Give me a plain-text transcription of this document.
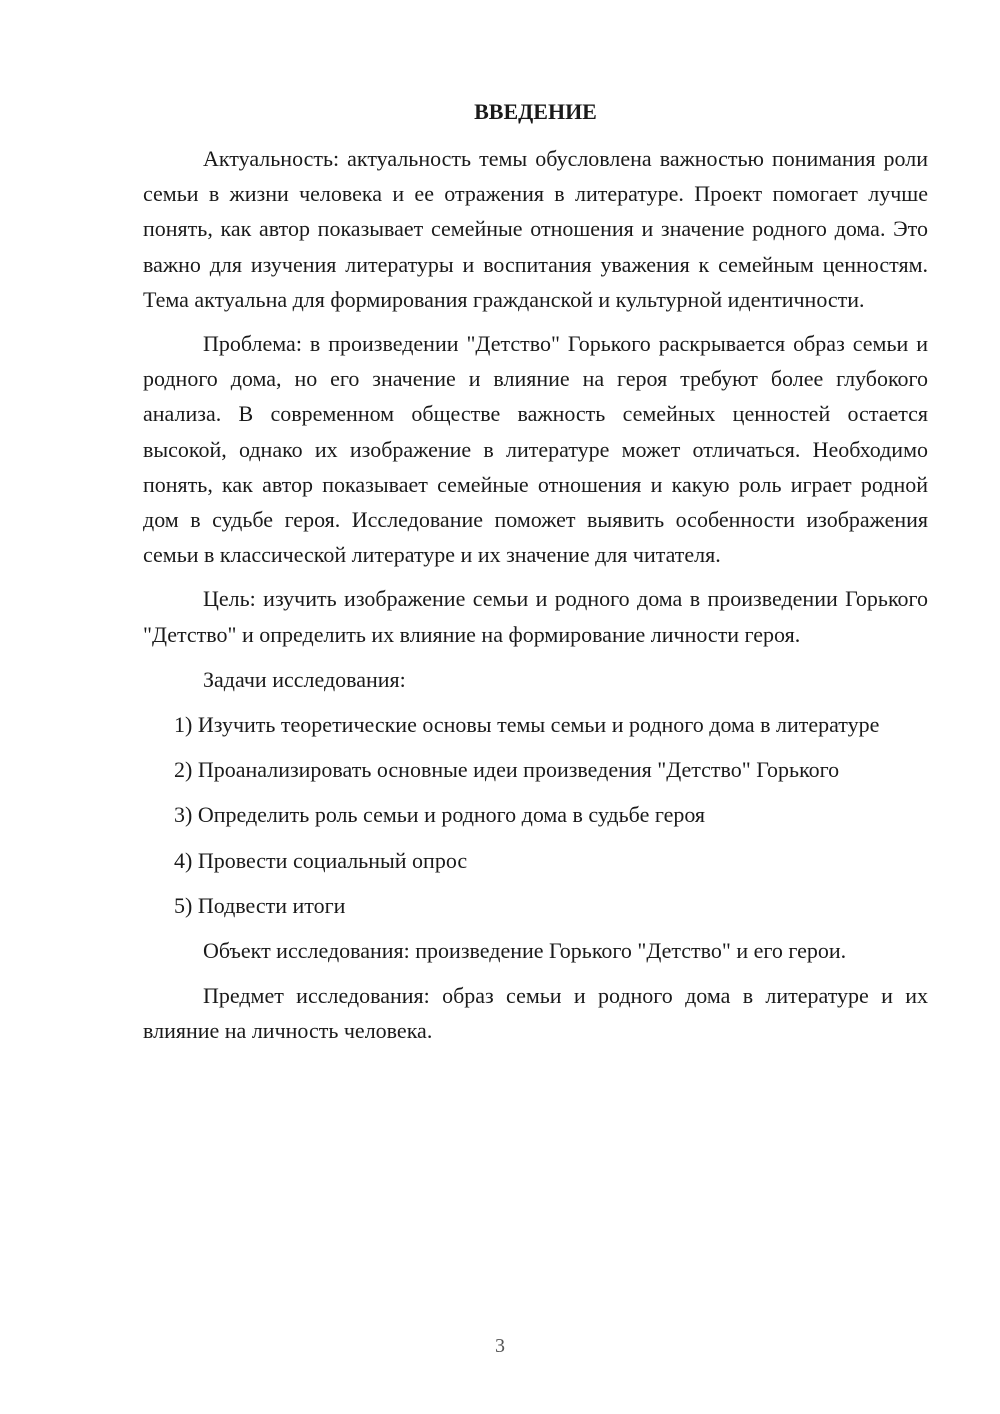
ВВЕДЕНИЕ

Актуальность: актуальность темы обусловлена важностью понимания роли семьи в жизни человека и ее отражения в литературе. Проект помогает лучше понять, как автор показывает семейные отношения и значение родного дома. Это важно для изучения литературы и воспитания уважения к семейным ценностям. Тема актуальна для формирования гражданской и культурной идентичности.

Проблема: в произведении "Детство" Горького раскрывается образ семьи и родного дома, но его значение и влияние на героя требуют более глубокого анализа. В современном обществе важность семейных ценностей остается высокой, однако их изображение в литературе может отличаться. Необходимо понять, как автор показывает семейные отношения и какую роль играет родной дом в судьбе героя. Исследование поможет выявить особенности изображения семьи в классической литературе и их значение для читателя.

Цель: изучить изображение семьи и родного дома в произведении Горького "Детство" и определить их влияние на формирование личности героя.

Задачи исследования:

1) Изучить теоретические основы темы семьи и родного дома в литературе

2) Проанализировать основные идеи произведения "Детство" Горького

3) Определить роль семьи и родного дома в судьбе героя

4) Провести социальный опрос

5) Подвести итоги

Объект исследования: произведение Горького "Детство" и его герои.

Предмет исследования: образ семьи и родного дома в литературе и их влияние на личность человека.

3
